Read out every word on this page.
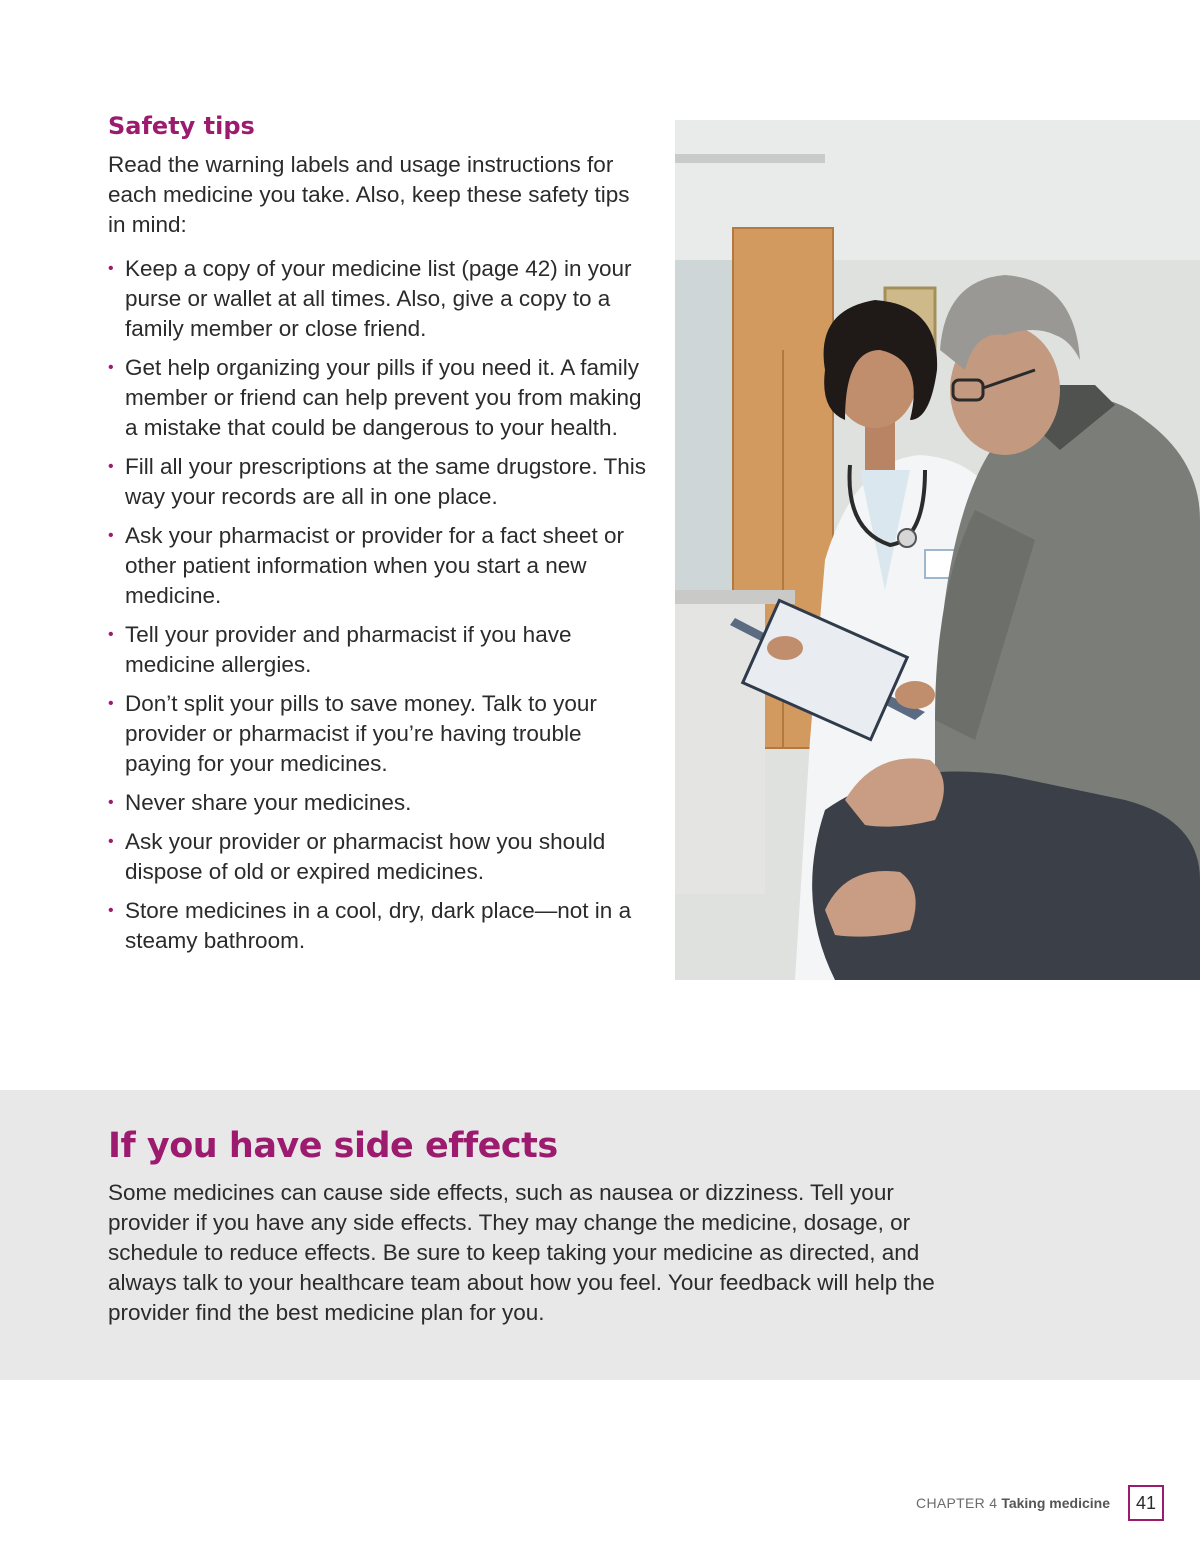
Safety tips

Read the warning labels and usage instructions for each medicine you take. Also, keep these safety tips in mind:

• Keep a copy of your medicine list (page 42) in your purse or wallet at all times. Also, give a copy to a family member or close friend.
• Get help organizing your pills if you need it. A family member or friend can help prevent you from making a mistake that could be dangerous to your health.
• Fill all your prescriptions at the same drugstore. This way your records are all in one place.
• Ask your pharmacist or provider for a fact sheet or other patient information when you start a new medicine.
• Tell your provider and pharmacist if you have medicine allergies.
• Don’t split your pills to save money. Talk to your provider or pharmacist if you’re having trouble paying for your medicines.
• Never share your medicines.
• Ask your provider or pharmacist how you should dispose of old or expired medicines.
• Store medicines in a cool, dry, dark place—not in a steamy bathroom.
If you have side effects

Some medicines can cause side effects, such as nausea or dizziness. Tell your provider if you have any side effects. They may change the medicine, dosage, or schedule to reduce effects. Be sure to keep taking your medicine as directed, and always talk to your healthcare team about how you feel. Your feedback will help the provider find the best medicine plan for you.

CHAPTER 4 Taking medicine	41
